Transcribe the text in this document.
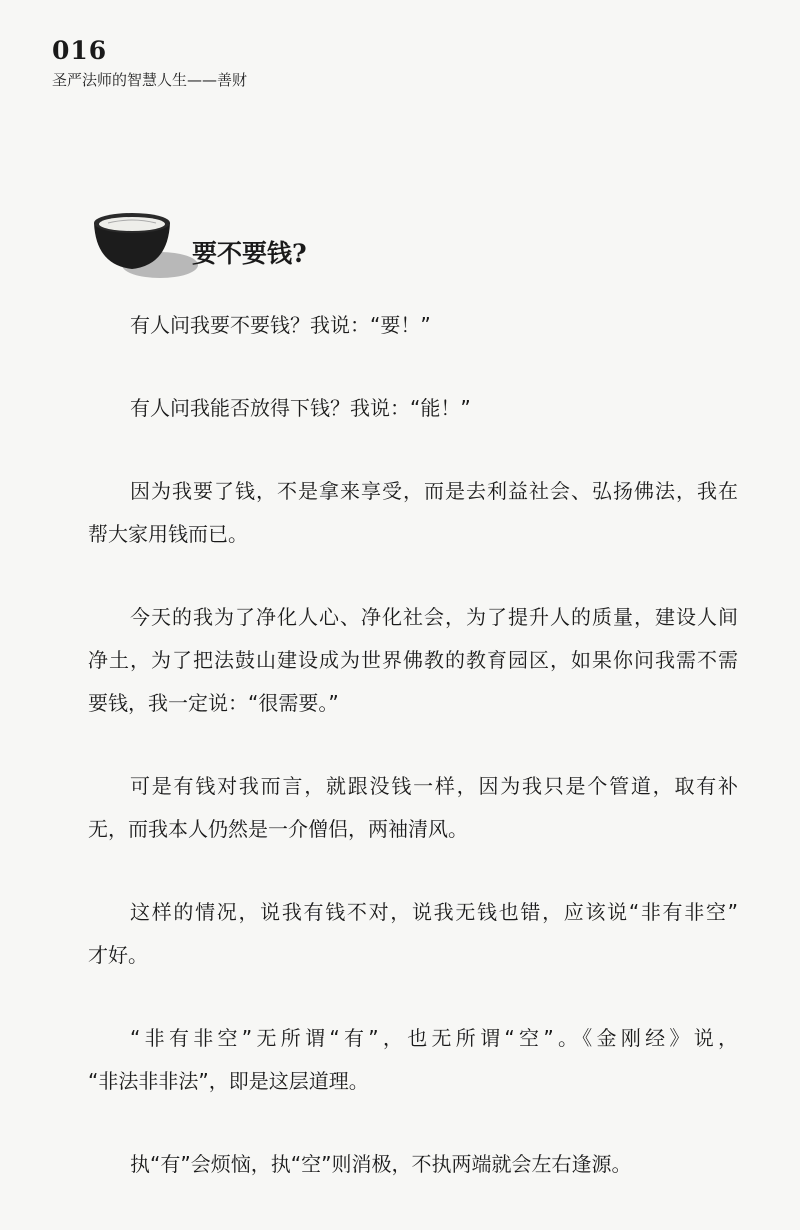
016
圣严法师的智慧人生——善财
要不要钱?
有人问我要不要钱？我说：“要！”
有人问我能否放得下钱？我说：“能！”
因为我要了钱，不是拿来享受，而是去利益社会、弘扬佛法，我在
帮大家用钱而已。
今天的我为了净化人心、净化社会，为了提升人的质量，建设人间
净土，为了把法鼓山建设成为世界佛教的教育园区，如果你问我需不需
要钱，我一定说：“很需要。”
可是有钱对我而言，就跟没钱一样，因为我只是个管道，取有补
无，而我本人仍然是一介僧侣，两袖清风。
这样的情况，说我有钱不对，说我无钱也错，应该说“非有非空”
才好。
“非有非空”无所谓“有”，也无所谓“空”。《金刚经》说，
“非法非非法”，即是这层道理。
执“有”会烦恼，执“空”则消极，不执两端就会左右逢源。
